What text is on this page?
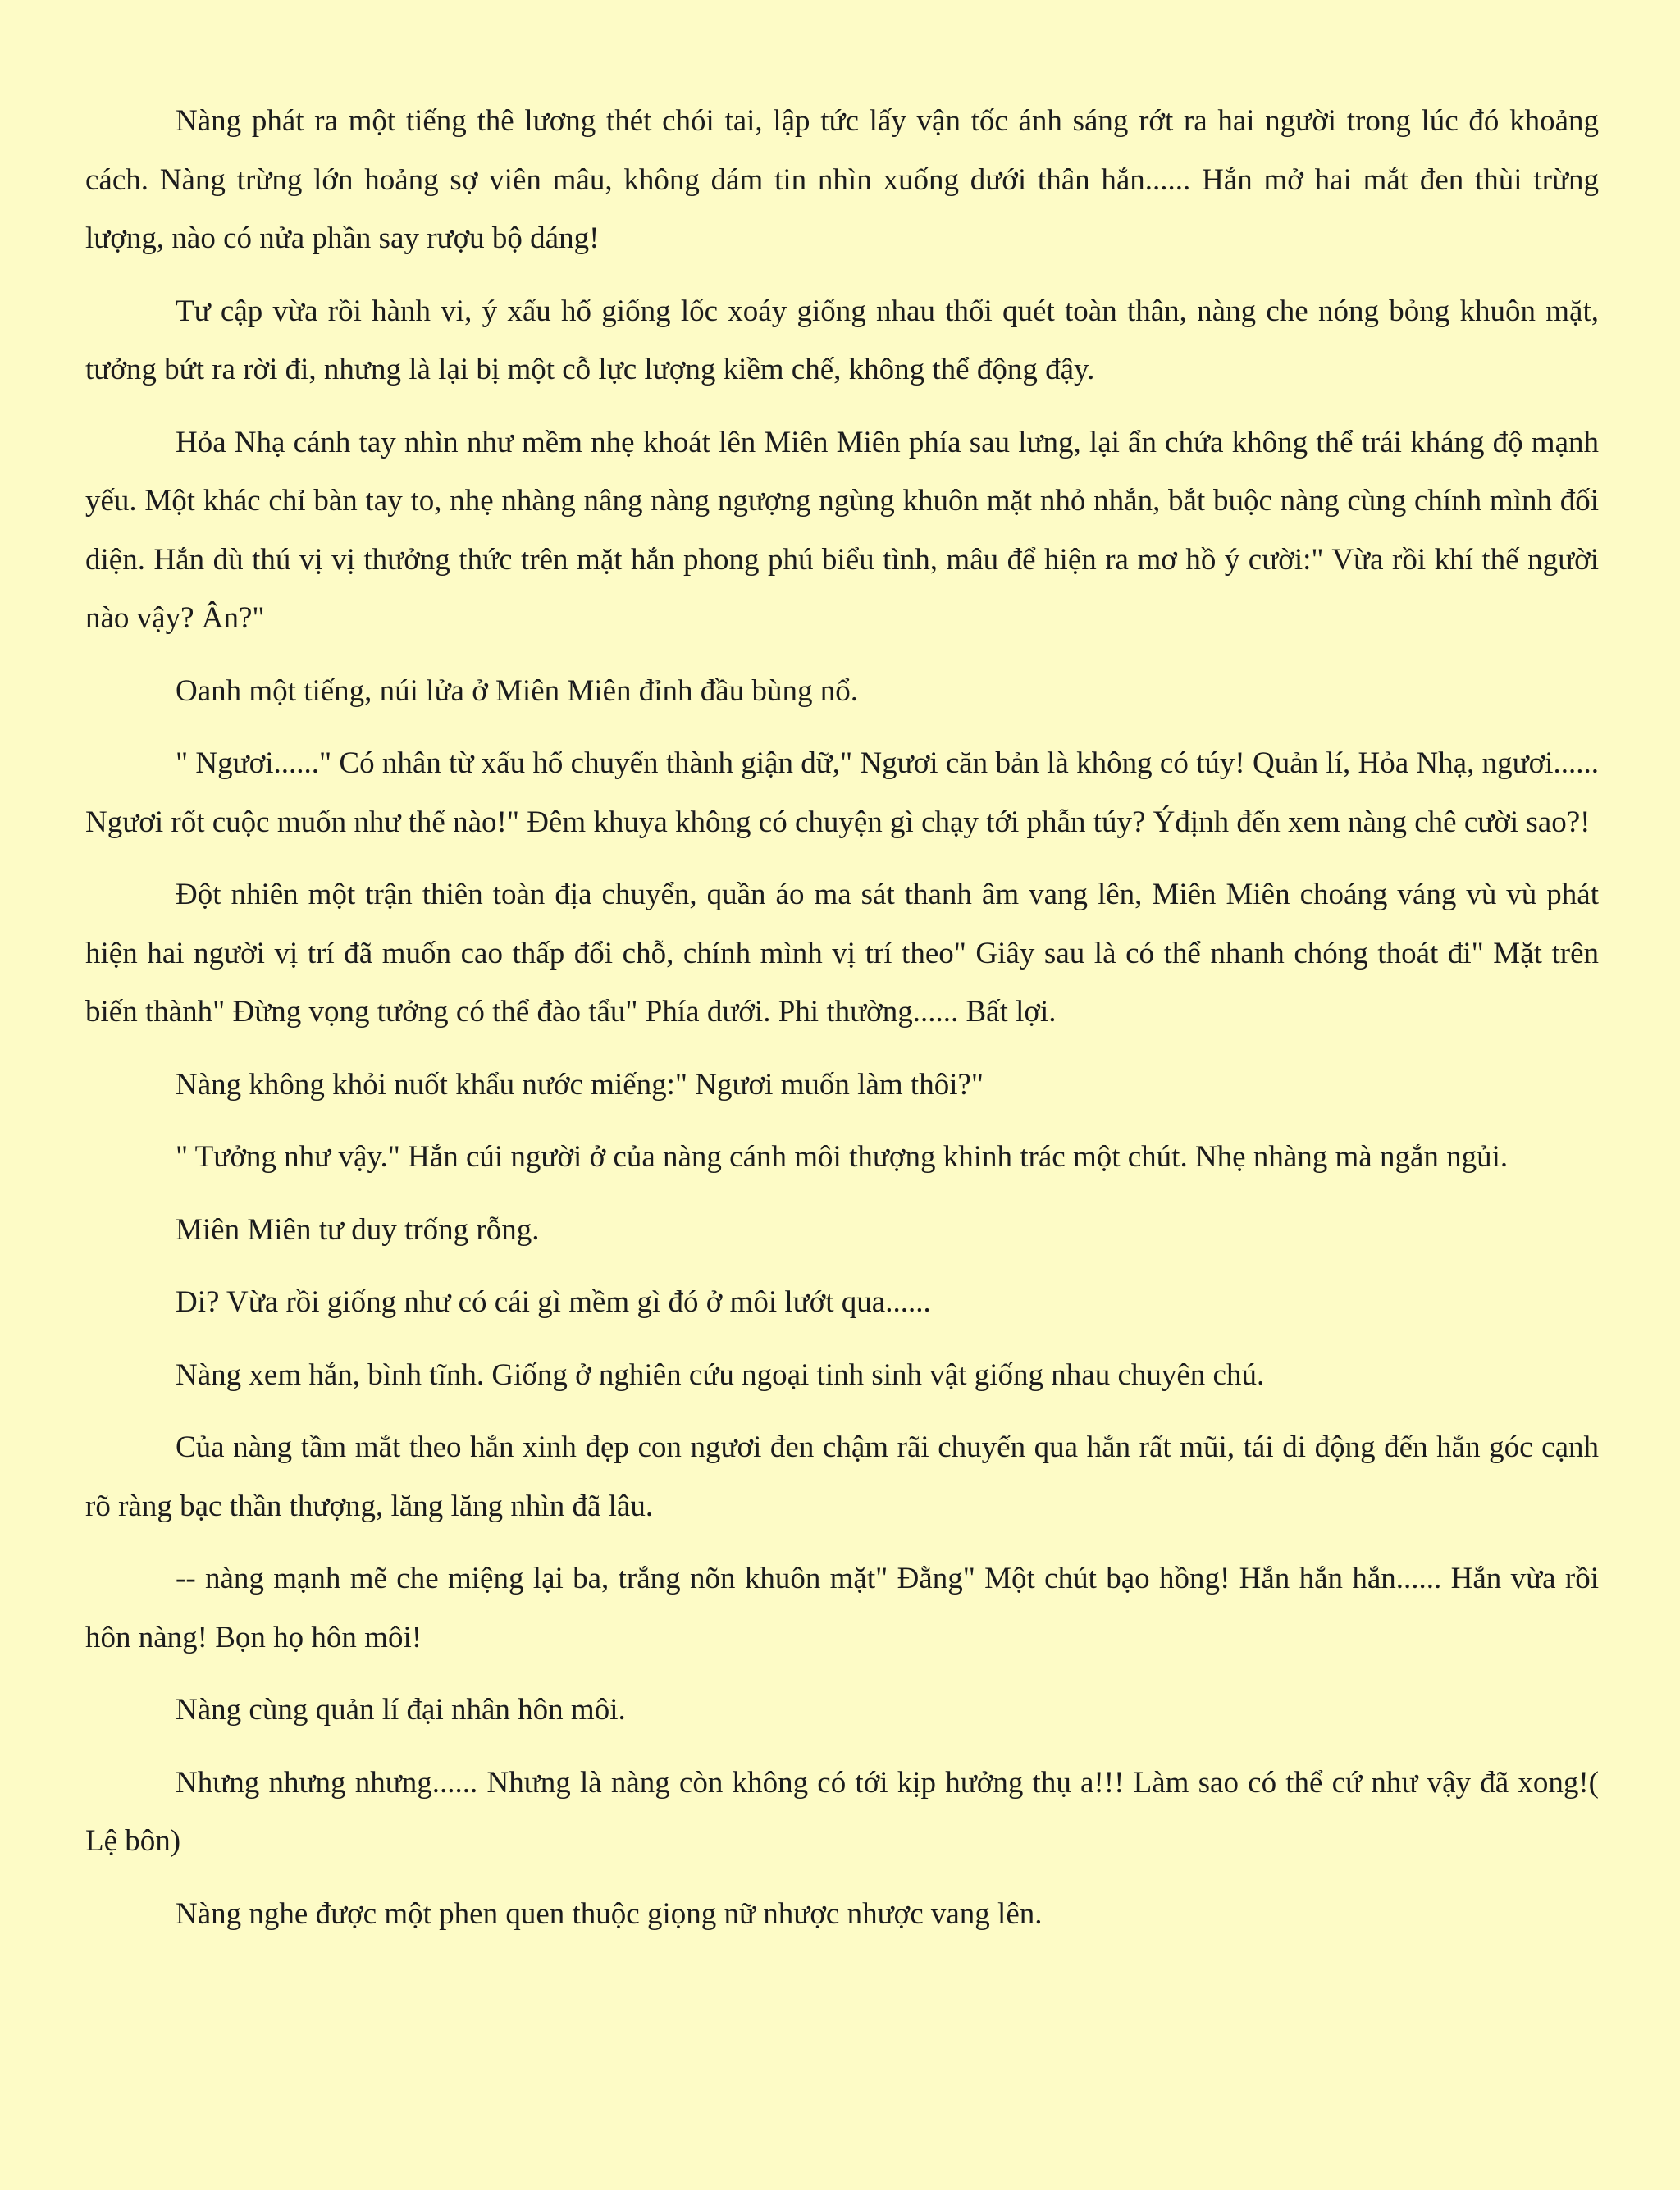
Nàng phát ra một tiếng thê lương thét chói tai, lập tức lấy vận tốc ánh sáng rớt ra hai người trong lúc đó khoảng cách. Nàng trừng lớn hoảng sợ viên mâu, không dám tin nhìn xuống dưới thân hắn...... Hắn mở hai mắt đen thùi trừng lượng, nào có nửa phần say rượu bộ dáng!

Tư cập vừa rồi hành vi, ý xấu hổ giống lốc xoáy giống nhau thổi quét toàn thân, nàng che nóng bỏng khuôn mặt, tưởng bứt ra rời đi, nhưng là lại bị một cỗ lực lượng kiềm chế, không thể động đậy.

Hỏa Nhạ cánh tay nhìn như mềm nhẹ khoát lên Miên Miên phía sau lưng, lại ẩn chứa không thể trái kháng độ mạnh yếu. Một khác chỉ bàn tay to, nhẹ nhàng nâng nàng ngượng ngùng khuôn mặt nhỏ nhắn, bắt buộc nàng cùng chính mình đối diện. Hắn dù thú vị vị thưởng thức trên mặt hắn phong phú biểu tình, mâu để hiện ra mơ hồ ý cười:" Vừa rồi khí thế người nào vậy? Ân?"

Oanh một tiếng, núi lửa ở Miên Miên đỉnh đầu bùng nổ.

" Ngươi......" Có nhân từ xấu hổ chuyển thành giận dữ," Ngươi căn bản là không có túy! Quản lí, Hỏa Nhạ, ngươi...... Ngươi rốt cuộc muốn như thế nào!" Đêm khuya không có chuyện gì chạy tới phẫn túy? Ýđịnh đến xem nàng chê cười sao?!

Đột nhiên một trận thiên toàn địa chuyển, quần áo ma sát thanh âm vang lên, Miên Miên choáng váng vù vù phát hiện hai người vị trí đã muốn cao thấp đổi chỗ, chính mình vị trí theo" Giây sau là có thể nhanh chóng thoát đi" Mặt trên biến thành" Đừng vọng tưởng có thể đào tẩu" Phía dưới. Phi thường...... Bất lợi.

Nàng không khỏi nuốt khẩu nước miếng:" Ngươi muốn làm thôi?"

" Tưởng như vậy." Hắn cúi người ở của nàng cánh môi thượng khinh trác một chút. Nhẹ nhàng mà ngắn ngủi.

Miên Miên tư duy trống rỗng.

Di? Vừa rồi giống như có cái gì mềm gì đó ở môi lướt qua......

Nàng xem hắn, bình tĩnh. Giống ở nghiên cứu ngoại tinh sinh vật giống nhau chuyên chú.

Của nàng tầm mắt theo hắn xinh đẹp con ngươi đen chậm rãi chuyển qua hắn rất mũi, tái di động đến hắn góc cạnh rõ ràng bạc thần thượng, lăng lăng nhìn đã lâu.

-- nàng mạnh mẽ che miệng lại ba, trắng nõn khuôn mặt" Đằng" Một chút bạo hồng! Hắn hắn hắn...... Hắn vừa rồi hôn nàng! Bọn họ hôn môi!

Nàng cùng quản lí đại nhân hôn môi.

Nhưng nhưng nhưng...... Nhưng là nàng còn không có tới kịp hưởng thụ a!!! Làm sao có thể cứ như vậy đã xong!( Lệ bôn)

Nàng nghe được một phen quen thuộc giọng nữ nhược nhược vang lên.
